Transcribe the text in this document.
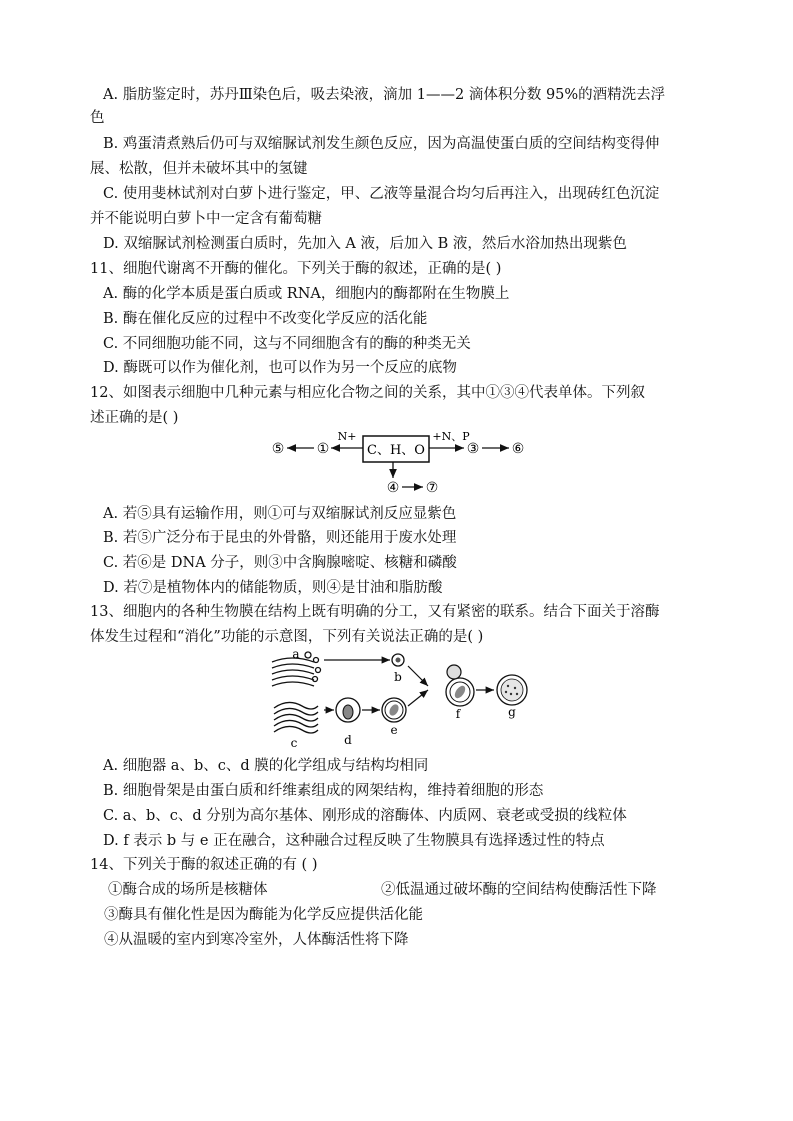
A. 脂肪鉴定时，苏丹Ⅲ染色后，吸去染液，滴加 1——2 滴体积分数 95%的酒精洗去浮
色
B. 鸡蛋清煮熟后仍可与双缩脲试剂发生颜色反应，因为高温使蛋白质的空间结构变得伸
展、松散，但并未破坏其中的氢键
C. 使用斐林试剂对白萝卜进行鉴定，甲、乙液等量混合均匀后再注入，出现砖红色沉淀
并不能说明白萝卜中一定含有葡萄糖
D. 双缩脲试剂检测蛋白质时，先加入 A 液，后加入 B 液，然后水浴加热出现紫色
11、细胞代谢离不开酶的催化。下列关于酶的叙述，正确的是( )
A. 酶的化学本质是蛋白质或 RNA，细胞内的酶都附在生物膜上
B. 酶在催化反应的过程中不改变化学反应的活化能
C. 不同细胞功能不同，这与不同细胞含有的酶的种类无关
D. 酶既可以作为催化剂，也可以作为另一个反应的底物
12、如图表示细胞中几种元素与相应化合物之间的关系，其中①③④代表单体。下列叙
述正确的是( )
C、H、O
N+
①
⑤
+N、P
③ ⑥
④ ⑦
A. 若⑤具有运输作用，则①可与双缩脲试剂反应显紫色
B. 若⑤广泛分布于昆虫的外骨骼，则还能用于废水处理
C. 若⑥是 DNA 分子，则③中含胸腺嘧啶、核糖和磷酸
D. 若⑦是植物体内的储能物质，则④是甘油和脂肪酸
13、细胞内的各种生物膜在结构上既有明确的分工，又有紧密的联系。结合下面关于溶酶
体发生过程和“消化”功能的示意图，下列有关说法正确的是( )
a
b
c	d
e
f	g
A. 细胞器 a、b、c、d 膜的化学组成与结构均相同
B. 细胞骨架是由蛋白质和纤维素组成的网架结构，维持着细胞的形态
C. a、b、c、d 分别为高尔基体、刚形成的溶酶体、内质网、衰老或受损的线粒体
D. f 表示 b 与 e 正在融合，这种融合过程反映了生物膜具有选择透过性的特点
14、下列关于酶的叙述正确的有 ( )
①酶合成的场所是核糖体	②低温通过破坏酶的空间结构使酶活性下降
③酶具有催化性是因为酶能为化学反应提供活化能
④从温暖的室内到寒冷室外，人体酶活性将下降
